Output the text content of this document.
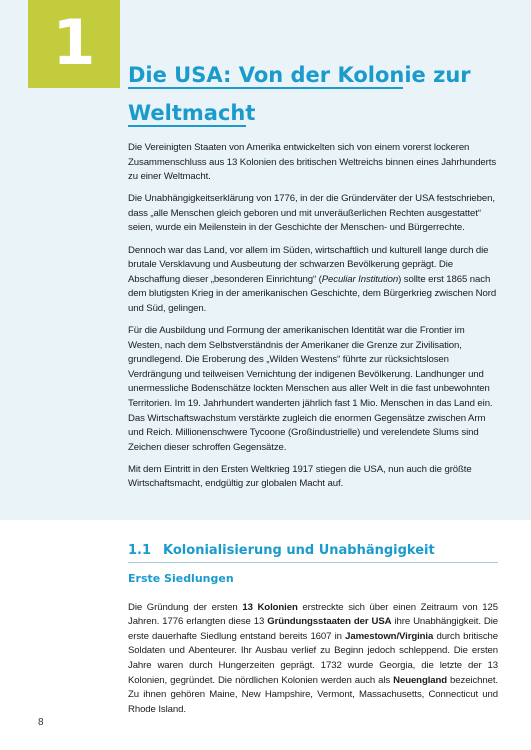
1	Die USA: Von der Kolonie zur
Weltmacht

Die Vereinigten Staaten von Amerika entwickelten sich von einem vorerst lockeren Zusammenschluss aus 13 Kolonien des britischen Weltreichs binnen eines Jahrhunderts zu einer Weltmacht.

Die Unabhängigkeitserklärung von 1776, in der die Gründerväter der USA festschrieben, dass „alle Menschen gleich geboren und mit unveräußerlichen Rechten ausgestattet“ seien, wurde ein Meilenstein in der Geschichte der Menschen- und Bürgerrechte.

Dennoch war das Land, vor allem im Süden, wirtschaftlich und kulturell lange durch die brutale Versklavung und Ausbeutung der schwarzen Bevölkerung geprägt. Die Abschaffung dieser „besonderen Einrichtung“ (Peculiar Institution) sollte erst 1865 nach dem blutigsten Krieg in der amerikanischen Geschichte, dem Bürgerkrieg zwischen Nord und Süd, gelingen.

Für die Ausbildung und Formung der amerikanischen Identität war die Frontier im Westen, nach dem Selbstverständnis der Amerikaner die Grenze zur Zivilisation, grundlegend. Die Eroberung des „Wilden Westens“ führte zur rücksichtslosen Verdrängung und teilweisen Vernichtung der indigenen Bevölkerung. Landhunger und unermessliche Bodenschätze lockten Menschen aus aller Welt in die fast unbewohnten Territorien. Im 19. Jahrhundert wanderten jährlich fast 1 Mio. Menschen in das Land ein. Das Wirtschaftswachstum verstärkte zugleich die enormen Gegensätze zwischen Arm und Reich. Millionenschwere Tycoone (Großindustrielle) und verelendete Slums sind Zeichen dieser schroffen Gegensätze.

Mit dem Eintritt in den Ersten Weltkrieg 1917 stiegen die USA, nun auch die größte Wirtschaftsmacht, endgültig zur globalen Macht auf.

1.1 Kolonialisierung und Unabhängigkeit
Erste Siedlungen

Die Gründung der ersten 13 Kolonien erstreckte sich über einen Zeitraum von 125 Jahren. 1776 erlangten diese 13 Gründungsstaaten der USA ihre Unabhängigkeit. Die erste dauerhafte Siedlung entstand bereits 1607 in Jamestown/Virginia durch britische Soldaten und Abenteurer. Ihr Ausbau verlief zu Beginn jedoch schleppend. Die ersten Jahre waren durch Hungerzeiten geprägt. 1732 wurde Georgia, die letzte der 13 Kolonien, gegründet. Die nördlichen Kolonien werden auch als Neuengland bezeichnet. Zu ihnen gehören Maine, New Hampshire, Vermont, Massachusetts, Connecticut und Rhode Island.

8
